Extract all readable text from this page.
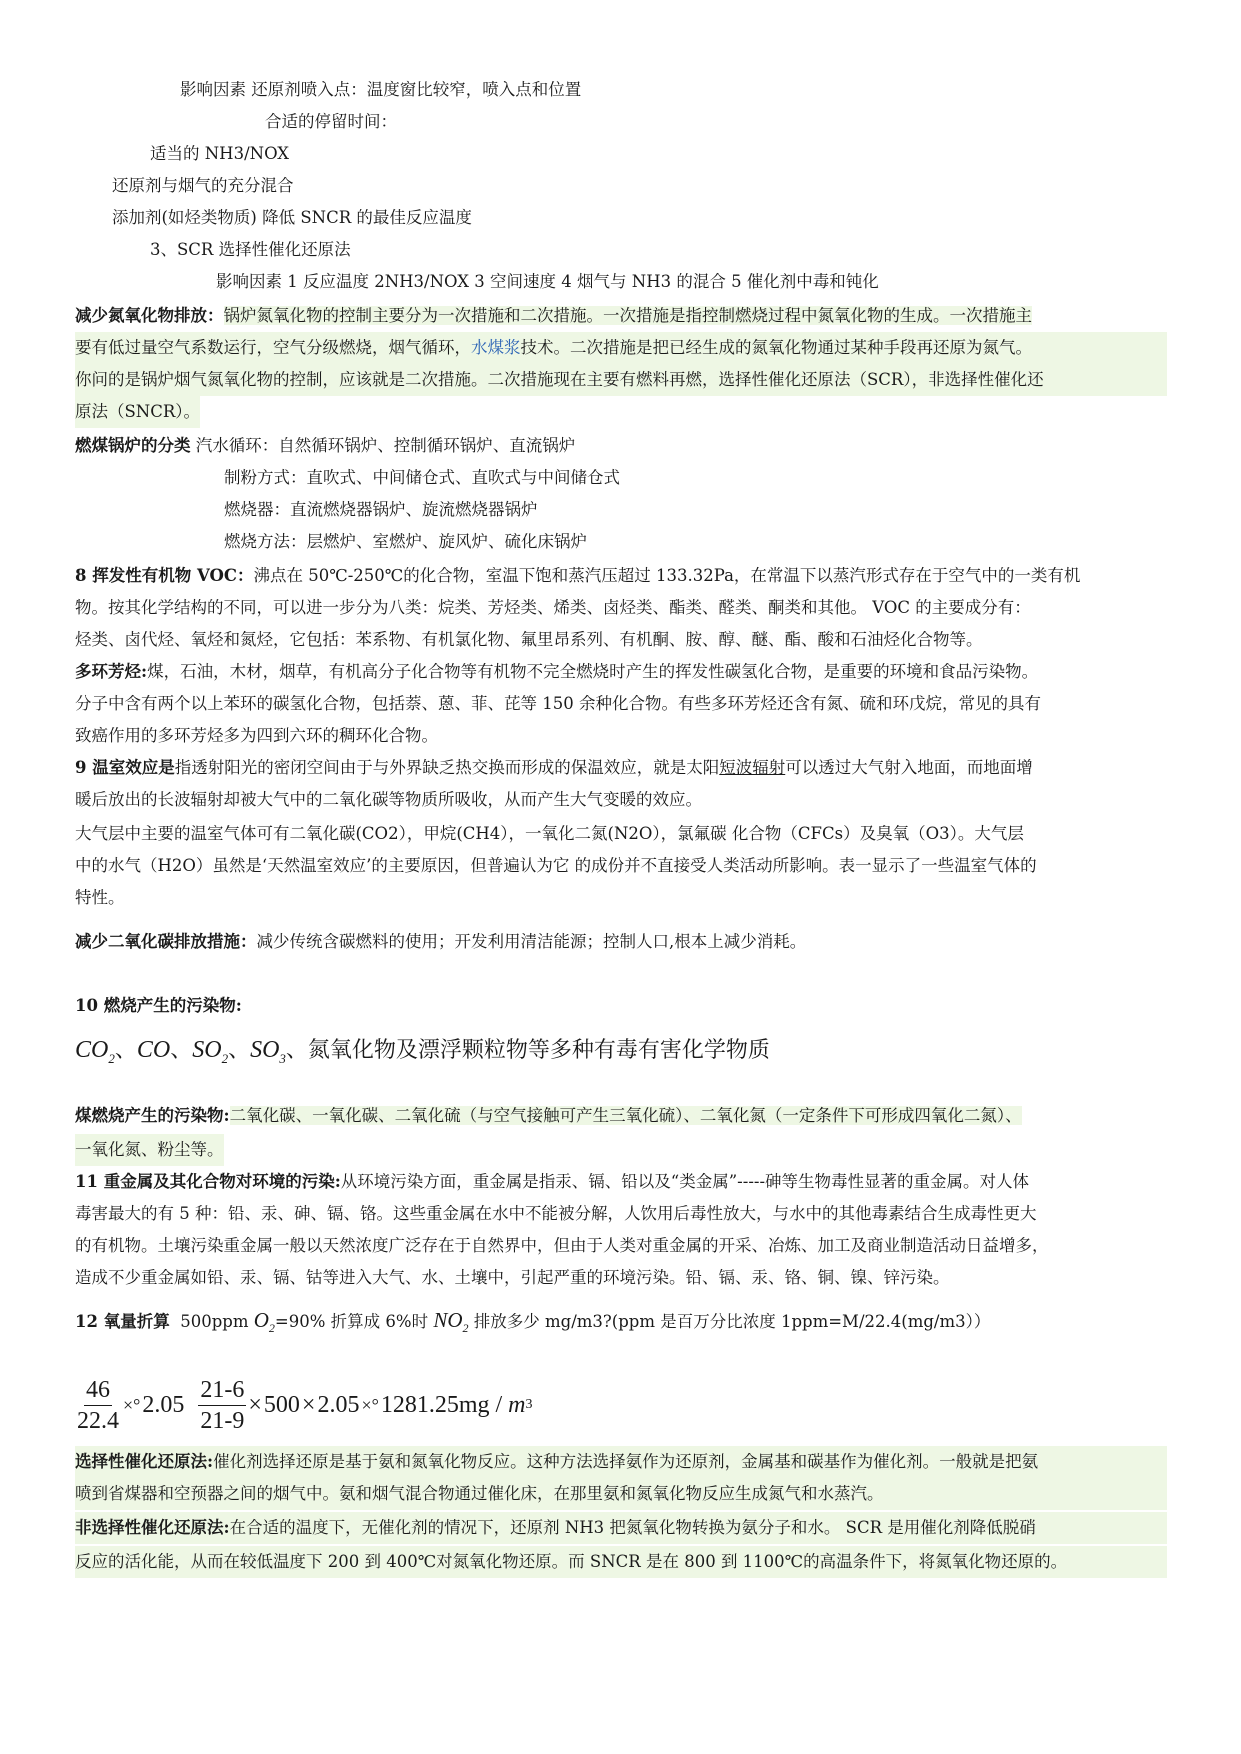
影响因素 还原剂喷入点：温度窗比较窄，喷入点和位置
合适的停留时间：
适当的 NH3/NOX
还原剂与烟气的充分混合
添加剂(如烃类物质) 降低 SNCR 的最佳反应温度
3、SCR 选择性催化还原法
影响因素 1 反应温度 2NH3/NOX 3 空间速度 4 烟气与 NH3 的混合 5 催化剂中毒和钝化
减少氮氧化物排放：锅炉氮氧化物的控制主要分为一次措施和二次措施。一次措施是指控制燃烧过程中氮氧化物的生成。一次措施主
要有低过量空气系数运行，空气分级燃烧，烟气循环，水煤浆技术。二次措施是把已经生成的氮氧化物通过某种手段再还原为氮气。
你问的是锅炉烟气氮氧化物的控制，应该就是二次措施。二次措施现在主要有燃料再燃，选择性催化还原法（SCR），非选择性催化还
原法（SNCR）。
燃煤锅炉的分类 汽水循环：自然循环锅炉、控制循环锅炉、直流锅炉
制粉方式：直吹式、中间储仓式、直吹式与中间储仓式
燃烧器：直流燃烧器锅炉、旋流燃烧器锅炉
燃烧方法：层燃炉、室燃炉、旋风炉、硫化床锅炉
8 挥发性有机物 VOC：沸点在 50℃-250℃的化合物，室温下饱和蒸汽压超过 133.32Pa，在常温下以蒸汽形式存在于空气中的一类有机
物。按其化学结构的不同，可以进一步分为八类：烷类、芳烃类、烯类、卤烃类、酯类、醛类、酮类和其他。 VOC 的主要成分有：
烃类、卤代烃、氧烃和氮烃，它包括：苯系物、有机氯化物、氟里昂系列、有机酮、胺、醇、醚、酯、酸和石油烃化合物等。
多环芳烃:煤，石油，木材，烟草，有机高分子化合物等有机物不完全燃烧时产生的挥发性碳氢化合物，是重要的环境和食品污染物。
分子中含有两个以上苯环的碳氢化合物，包括萘、蒽、菲、芘等 150 余种化合物。有些多环芳烃还含有氮、硫和环戊烷，常见的具有
致癌作用的多环芳烃多为四到六环的稠环化合物。
9 温室效应是指透射阳光的密闭空间由于与外界缺乏热交换而形成的保温效应，就是太阳短波辐射可以透过大气射入地面，而地面增
暖后放出的长波辐射却被大气中的二氧化碳等物质所吸收，从而产生大气变暖的效应。
大气层中主要的温室气体可有二氧化碳(CO2），甲烷(CH4），一氧化二氮(N2O），氯氟碳 化合物（CFCs）及臭氧（O3）。大气层
中的水气（H2O）虽然是‘天然温室效应’的主要原因，但普遍认为它 的成份并不直接受人类活动所影响。表一显示了一些温室气体的
特性。
减少二氧化碳排放措施：减少传统含碳燃料的使用；开发利用清洁能源；控制人口,根本上减少消耗。
10 燃烧产生的污染物:
$CO_2$、CO、$SO_2$、$SO_3$、氮氧化物及漂浮颗粒物等多种有毒有害化学物质
煤燃烧产生的污染物:二氧化碳、一氧化碳、二氧化硫（与空气接触可产生三氧化硫）、二氧化氮（一定条件下可形成四氧化二氮）、
一氧化氮、粉尘等。
11 重金属及其化合物对环境的污染:从环境污染方面，重金属是指汞、镉、铅以及“类金属”-----砷等生物毒性显著的重金属。对人体
毒害最大的有 5 种：铅、汞、砷、镉、铬。这些重金属在水中不能被分解，人饮用后毒性放大，与水中的其他毒素结合生成毒性更大
的有机物。土壤污染重金属一般以天然浓度广泛存在于自然界中，但由于人类对重金属的开采、冶炼、加工及商业制造活动日益增多，
造成不少重金属如铅、汞、镉、钴等进入大气、水、土壤中，引起严重的环境污染。铅、镉、汞、铬、铜、镍、锌污染。
12 氧量折算 500ppm $O_2=90\%$ 折算成 6%时 $NO_2$ 排放多少 mg/m3?(ppm 是百万分比浓度 1ppm=M/22.4(mg/m3））
$\frac{46}{22.4}$ ×° $2.05 \frac{21-6}{21-9} \times 500 \times 2.05$ ×° 1281.25mg / m 3
选择性催化还原法:催化剂选择还原是基于氨和氮氧化物反应。这种方法选择氨作为还原剂，金属基和碳基作为催化剂。一般就是把氨
喷到省煤器和空预器之间的烟气中。氨和烟气混合物通过催化床，在那里氨和氮氧化物反应生成氮气和水蒸汽。
非选择性催化还原法:在合适的温度下，无催化剂的情况下，还原剂 NH3 把氮氧化物转换为氨分子和水。 SCR 是用催化剂降低脱硝
反应的活化能，从而在较低温度下 200 到 400℃对氮氧化物还原。而 SNCR 是在 800 到 1100℃的高温条件下，将氮氧化物还原的。
